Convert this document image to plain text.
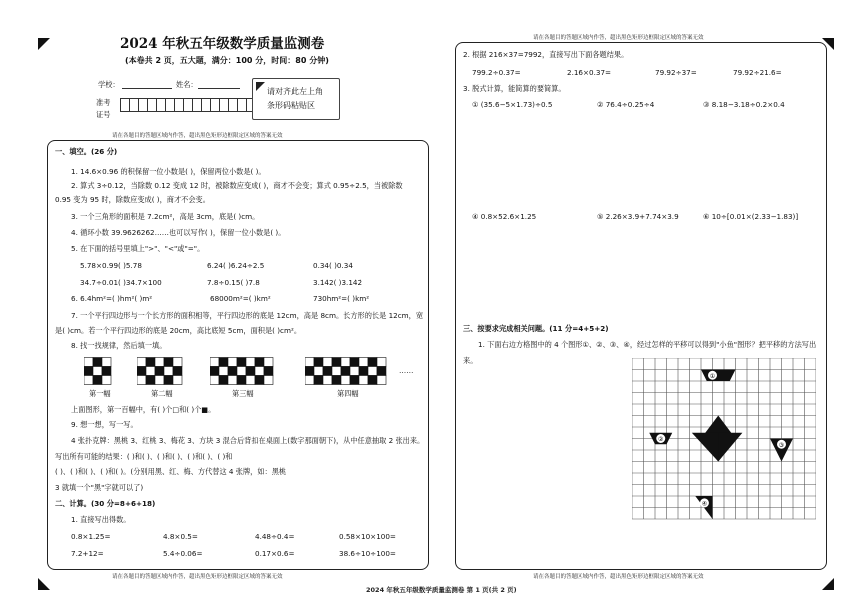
2024 年秋五年级数学质量监测卷
(本卷共 2 页，五大题，满分：100 分，时间：80 分钟)
学校：	姓名：
准考证号
请对齐此左上角
条形码粘贴区
请在各题目的答题区域内作答，超出黑色矩形边框限定区域的答案无效
一、填空。(26 分)
1. 14.6×0.96 的积保留一位小数是( )，保留两位小数是( )。
2. 算式 3÷0.12，当除数 0.12 变成 12 时，被除数应变成( )，商才不会变；算式 0.95÷2.5，当被除数
0.95 变为 95 时，除数应变成( )，商才不会变。
3. 一个三角形的面积是 7.2cm²，高是 3cm，底是( )cm。
4. 循环小数 39.9626262……也可以写作( )，保留一位小数是( )。
5. 在下面的括号里填上">"、"<"或"="。
5.78×0.99( )5.78	6.24( )6.24÷2.5	0.34( )0.34̇
34.7÷0.01( )34.7×100	7.8÷0.15( )7.8	3.1̇4̇2( )3.14̇2̇
6. 6.4hm²=( )hm²( )m²	68000m²=( )km²	730hm²=( )km²
7. 一个平行四边形与一个长方形的面积相等，平行四边形的底是 12cm，高是 8cm。长方形的长是 12cm，宽
是( )cm。若一个平行四边形的底是 20cm，高比底短 5cm，面积是( )cm²。
8. 找一找规律，然后填一填。
……
第一幅	第二幅	第三幅	第四幅
上面图形，第一百幅中，有( )个□和( )个■。
9. 想一想，写一写。
4 张扑克牌：黑桃 3、红桃 3、梅花 3、方块 3 混合后背扣在桌面上(数字那面朝下)，从中任意抽取 2 张出来。
写出所有可能的结果：( )和( )、( )和( )、( )和( )、( )和
( )、( )和( )、( )和( )。(分别用黑、红、梅、方代替这 4 张牌，如：黑桃
3 就填一个"黑"字就可以了)
二、计算。(30 分=8+6+18)
1. 直接写出得数。
0.8×1.25=	4.8×0.5=	4.48÷0.4=	0.58×10×100=
7.2+12=	5.4÷0.06=	0.17×0.6=	38.6÷10÷100=
请在各题目的答题区域内作答，超出黑色矩形边框限定区域的答案无效
请在各题目的答题区域内作答，超出黑色矩形边框限定区域的答案无效
2. 根据 216×37=7992，直接写出下面各题结果。
799.2÷0.37=	2.16×0.37=	79.92÷37=	79.92÷21.6=
3. 脱式计算，能简算的要简算。
① (35.6−5×1.73)÷0.5	② 76.4÷0.25÷4	③ 8.18−3.18÷0.2×0.4
④ 0.8×52.6×1.25	⑤ 2.26×3.9+7.74×3.9	⑥ 10÷[0.01×(2.33−1.83)]
三、按要求完成相关问题。(11 分=4+5+2)
1. 下面右边方格图中的 4 个图形①、②、③、④，经过怎样的平移可以得到"小鱼"图形？把平移的方法写出
来。
①
②
③
④
请在各题目的答题区域内作答，超出黑色矩形边框限定区域的答案无效
2024 年秋五年级数学质量监测卷 第 1 页(共 2 页)
